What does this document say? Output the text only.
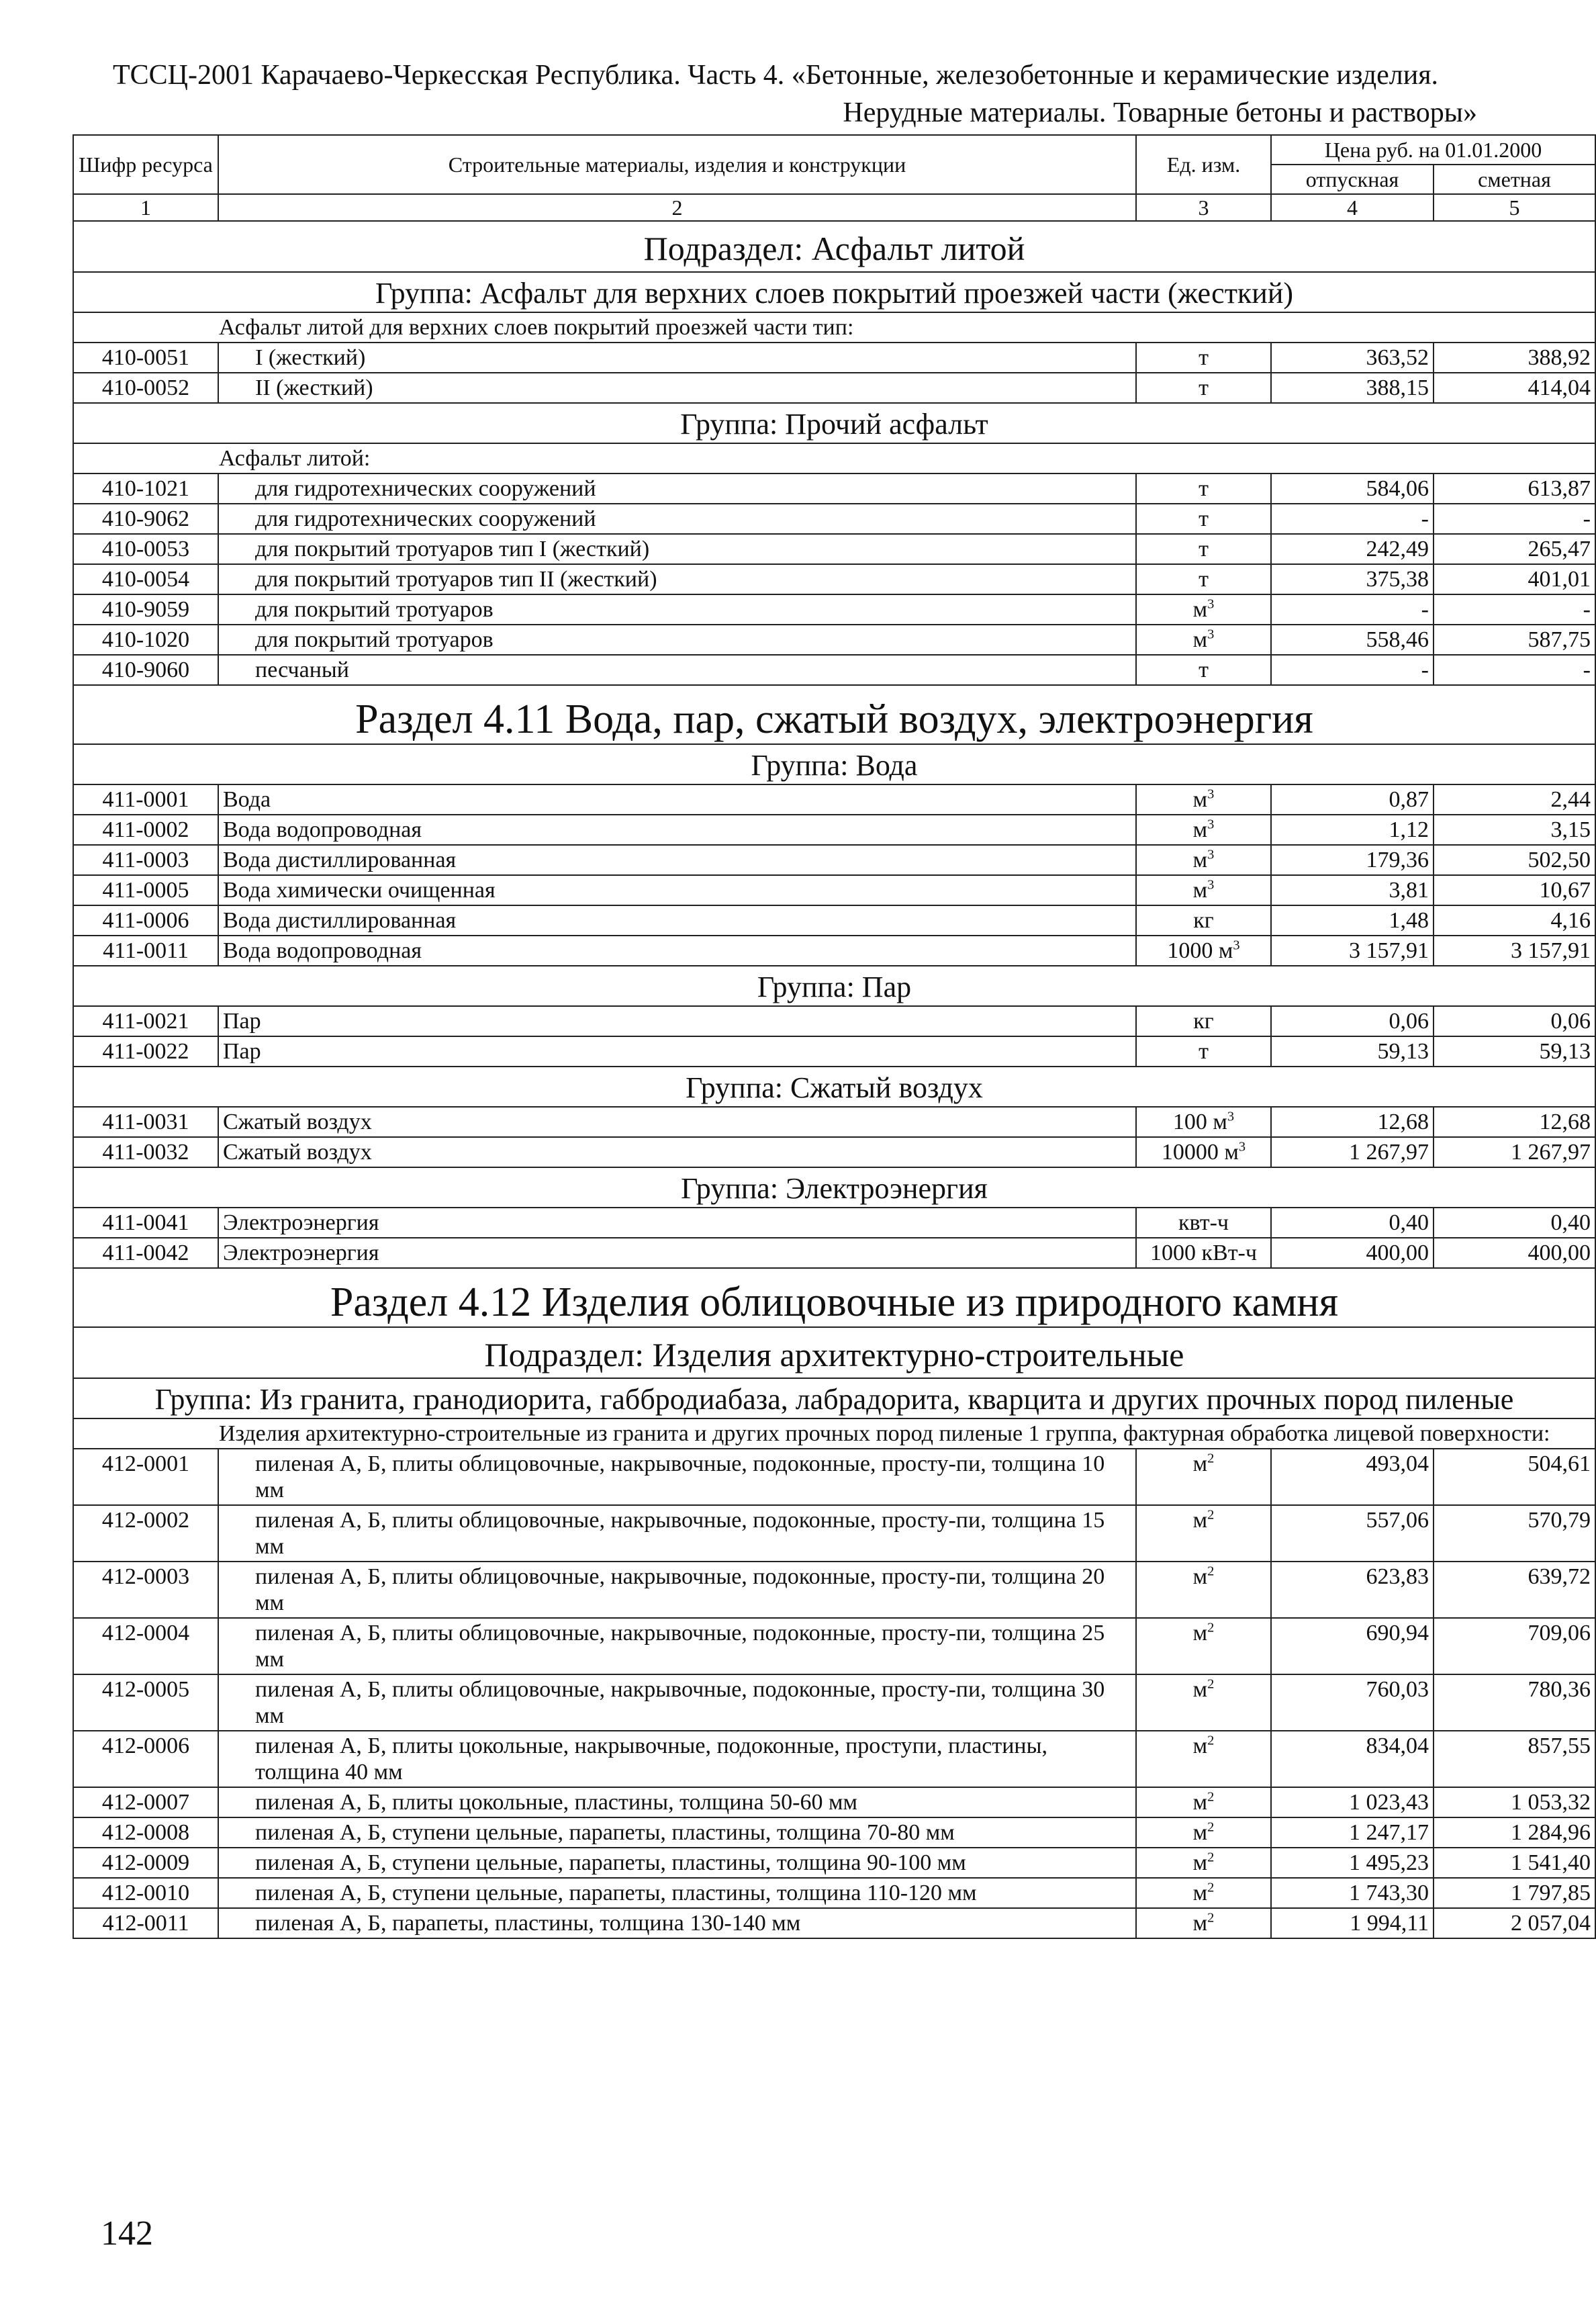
ТССЦ-2001 Карачаево-Черкесская Республика. Часть 4. «Бетонные, железобетонные и керамические изделия.
Нерудные материалы. Товарные бетоны и растворы»
Шифр ресурса	Строительные материалы, изделия и конструкции	Ед. изм.	Цена руб. на 01.01.2000	
			отпускная	сметная
1	2	3	4	5
Подраздел: Асфальт литой				
Группа: Асфальт для верхних слоев покрытий проезжей части (жесткий)				
Асфальт литой для верхних слоев покрытий проезжей части тип:				
410-0051	I (жесткий)	т	363,52	388,92
410-0052	II (жесткий)	т	388,15	414,04
Группа: Прочий асфальт				
Асфальт литой:				
410-1021	для гидротехнических сооружений	т	584,06	613,87
410-9062	для гидротехнических сооружений	т	-	-
410-0053	для покрытий тротуаров тип I (жесткий)	т	242,49	265,47
410-0054	для покрытий тротуаров тип II (жесткий)	т	375,38	401,01
410-9059	для покрытий тротуаров	$м^3$	-	-
410-1020	для покрытий тротуаров	$м^3$	558,46	587,75
410-9060	песчаный	т	-	-
Раздел 4.11 Вода, пар, сжатый воздух, электроэнергия				
Группа: Вода				
411-0001	Вода	$м^3$	0,87	2,44
411-0002	Вода водопроводная	$м^3$	1,12	3,15
411-0003	Вода дистиллированная	$м^3$	179,36	502,50
411-0005	Вода химически очищенная	$м^3$	3,81	10,67
411-0006	Вода дистиллированная	кг	1,48	4,16
411-0011	Вода водопроводная	1000 $м^3$	3 157,91	3 157,91
Группа: Пар				
411-0021	Пар	кг	0,06	0,06
411-0022	Пар	т	59,13	59,13
Группа: Сжатый воздух				
411-0031	Сжатый воздух	100 $м^3$	12,68	12,68
411-0032	Сжатый воздух	10000 $м^3$	1 267,97	1 267,97
Группа: Электроэнергия				
411-0041	Электроэнергия	квт-ч	0,40	0,40
411-0042	Электроэнергия	1000 кВт-ч	400,00	400,00
Раздел 4.12 Изделия облицовочные из природного камня				
Подраздел: Изделия архитектурно-строительные				
Группа: Из гранита, гранодиорита, габбродиабаза, лабрадорита, кварцита и других прочных пород пиленые				
Изделия архитектурно-строительные из гранита и других прочных пород пиленые 1 группа, фактурная обработка лицевой поверхности:				
412-0001	пиленая А, Б, плиты облицовочные, накрывочные, подоконные, просту-пи, толщина 10 мм	$м^2$	493,04	504,61
412-0002	пиленая А, Б, плиты облицовочные, накрывочные, подоконные, просту-пи, толщина 15 мм	$м^2$	557,06	570,79
412-0003	пиленая А, Б, плиты облицовочные, накрывочные, подоконные, просту-пи, толщина 20 мм	$м^2$	623,83	639,72
412-0004	пиленая А, Б, плиты облицовочные, накрывочные, подоконные, просту-пи, толщина 25 мм	$м^2$	690,94	709,06
412-0005	пиленая А, Б, плиты облицовочные, накрывочные, подоконные, просту-пи, толщина 30 мм	$м^2$	760,03	780,36
412-0006	пиленая А, Б, плиты цокольные, накрывочные, подоконные, проступи, пластины, толщина 40 мм	$м^2$	834,04	857,55
412-0007	пиленая А, Б, плиты цокольные, пластины, толщина 50-60 мм	$м^2$	1 023,43	1 053,32
412-0008	пиленая А, Б, ступени цельные, парапеты, пластины, толщина 70-80 мм	$м^2$	1 247,17	1 284,96
412-0009	пиленая А, Б, ступени цельные, парапеты, пластины, толщина 90-100 мм	$м^2$	1 495,23	1 541,40
412-0010	пиленая А, Б, ступени цельные, парапеты, пластины, толщина 110-120 мм	$м^2$	1 743,30	1 797,85
412-0011	пиленая А, Б, парапеты, пластины, толщина 130-140 мм	$м^2$	1 994,11	2 057,04
142
